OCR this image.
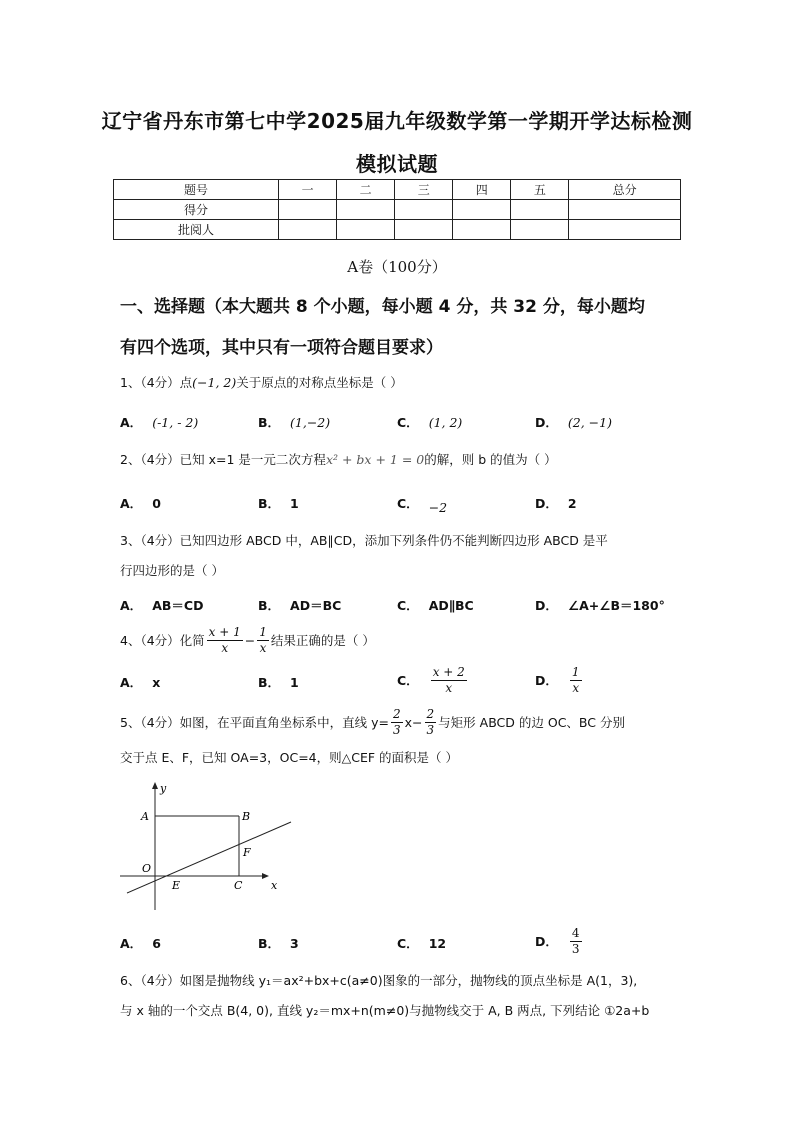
辽宁省丹东市第七中学2025届九年级数学第一学期开学达标检测
模拟试题
题号	一	二	三	四	五	总分
得分						
批阅人						
A卷（100分）
一、选择题（本大题共 8 个小题，每小题 4 分，共 32 分，每小题均
有四个选项，其中只有一项符合题目要求）
1、（4分）点(−1, 2)关于原点的对称点坐标是（ ）
A． (-1, - 2)	B． (1,−2)	C． (1, 2)	D． (2, −1)
2、（4分）已知 x=1 是一元二次方程x² + bx + 1 = 0的解，则 b 的值为（ ）
A． 0	B． 1	C． −2	D． 2
3、（4分）已知四边形 ABCD 中，AB∥CD，添加下列条件仍不能判断四边形 ABCD 是平
行四边形的是（ ）
A． AB＝CD	B． AD＝BC	C． AD∥BC	D． ∠A+∠B＝180°
4、（4分）化简 $\frac{x + 1}{x} - \frac{1}{x}$ 结果正确的是（ ）
A． x	B． 1	C． $\frac{x + 2}{x}$	D． $\frac{1}{x}$
5、（4分）如图，在平面直角坐标系中，直线 $y= \frac{2}{3} x- \frac{2}{3}$ 与矩形 ABCD 的边 OC、BC 分别
交于点 E、F，已知 OA=3，OC=4，则△CEF 的面积是（ ）
y
x
A	B
O
F
E	C
A． 6	B． 3	C． 12	D． $\frac{4}{3}$
6、（4分）如图是抛物线 y₁＝ax²+bx+c(a≠0)图象的一部分，抛物线的顶点坐标是 A(1，3),
与 x 轴的一个交点 B(4, 0), 直线 y₂＝mx+n(m≠0)与抛物线交于 A, B 两点, 下列结论 ①2a+b
